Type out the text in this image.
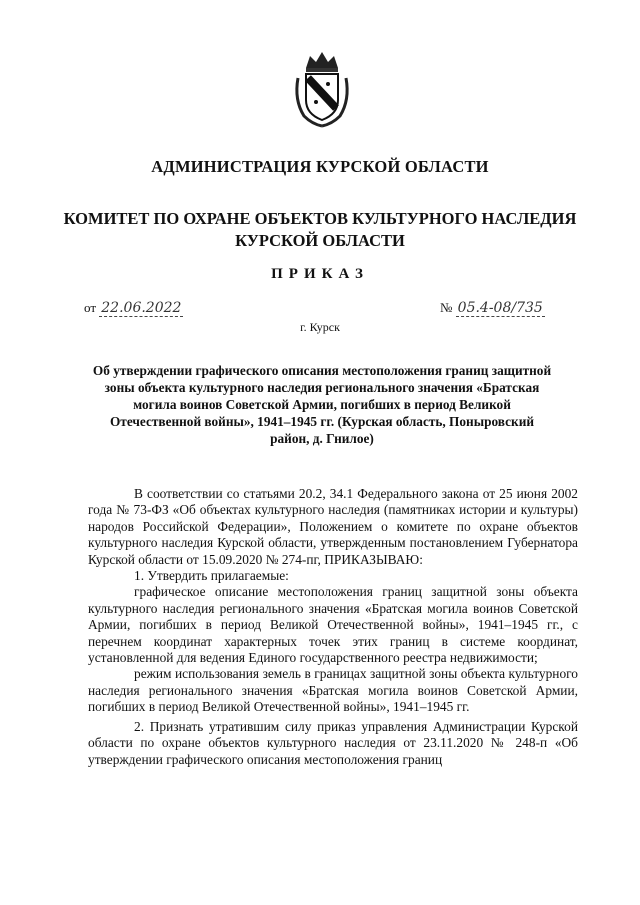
АДМИНИСТРАЦИЯ КУРСКОЙ ОБЛАСТИ
КОМИТЕТ ПО ОХРАНЕ ОБЪЕКТОВ КУЛЬТУРНОГО НАСЛЕДИЯ КУРСКОЙ ОБЛАСТИ
ПРИКАЗ
от 22.06.2022	№ 05.4-08/735
г. Курск
Об утверждении графического описания местоположения границ защитной зоны объекта культурного наследия регионального значения «Братская могила воинов Советской Армии, погибших в период Великой Отечественной войны», 1941–1945 гг. (Курская область, Поныровский район, д. Гнилое)

В соответствии со статьями 20.2, 34.1 Федерального закона от 25 июня 2002 года № 73-ФЗ «Об объектах культурного наследия (памятниках истории и культуры) народов Российской Федерации», Положением о комитете по охране объектов культурного наследия Курской области, утвержденным постановлением Губернатора Курской области от 15.09.2020 № 274-пг, ПРИКАЗЫВАЮ:

1. Утвердить прилагаемые:

графическое описание местоположения границ защитной зоны объекта культурного наследия регионального значения «Братская могила воинов Советской Армии, погибших в период Великой Отечественной войны», 1941–1945 гг., с перечнем координат характерных точек этих границ в системе координат, установленной для ведения Единого государственного реестра недвижимости;

режим использования земель в границах защитной зоны объекта культурного наследия регионального значения «Братская могила воинов Советской Армии, погибших в период Великой Отечественной войны», 1941–1945 гг.

2. Признать утратившим силу приказ управления Администрации Курской области по охране объектов культурного наследия от 23.11.2020 № 248-п «Об утверждении графического описания местоположения границ
